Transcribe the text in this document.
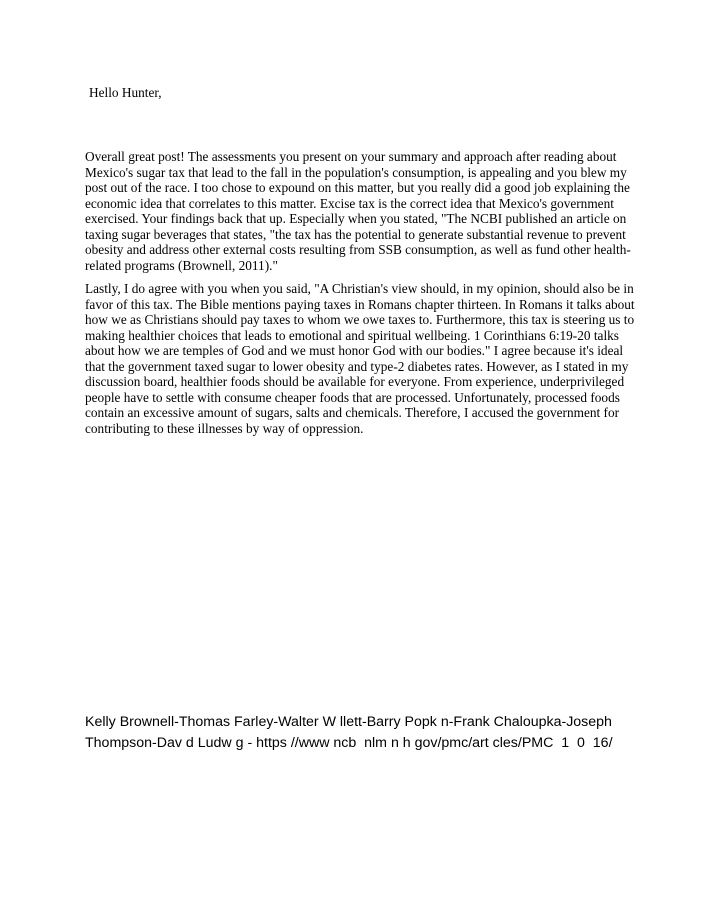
Hello Hunter,

Overall great post! The assessments you present on your summary and approach after reading about Mexico's sugar tax that lead to the fall in the population's consumption, is appealing and you blew my post out of the race. I too chose to expound on this matter, but you really did a good job explaining the economic idea that correlates to this matter. Excise tax is the correct idea that Mexico's government exercised. Your findings back that up. Especially when you stated, "The NCBI published an article on taxing sugar beverages that states, "the tax has the potential to generate substantial revenue to prevent obesity and address other external costs resulting from SSB consumption, as well as fund other health-related programs (Brownell, 2011)."

Lastly, I do agree with you when you said, "A Christian's view should, in my opinion, should also be in favor of this tax. The Bible mentions paying taxes in Romans chapter thirteen. In Romans it talks about how we as Christians should pay taxes to whom we owe taxes to. Furthermore, this tax is steering us to making healthier choices that leads to emotional and spiritual wellbeing. 1 Corinthians 6:19-20 talks about how we are temples of God and we must honor God with our bodies." I agree because it's ideal that the government taxed sugar to lower obesity and type-2 diabetes rates. However, as I stated in my discussion board, healthier foods should be available for everyone. From experience, underprivileged people have to settle with consume cheaper foods that are processed. Unfortunately, processed foods contain an excessive amount of sugars, salts and chemicals. Therefore, I accused the government for contributing to these illnesses by way of oppression.

Kelly Brownell-Thomas Farley-Walter W llett-Barry Popk n-Frank Chaloupka-Joseph Thompson-Dav d Ludw g - https //www ncb  nlm n h gov/pmc/art cles/PMC  1  0  16/
